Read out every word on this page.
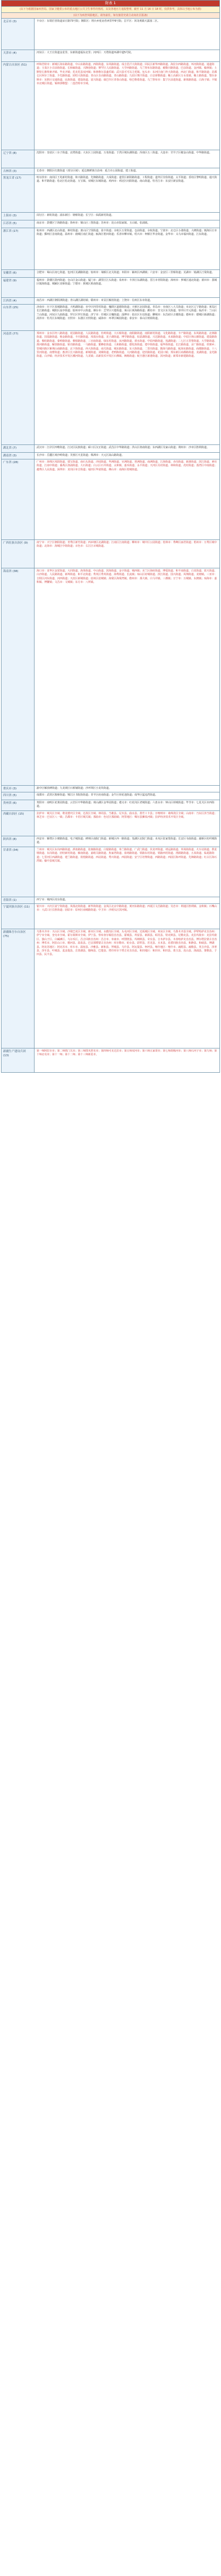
附表 1	
(以下为根据国家疾控局、国家卫健委公布的重点地区公共卫生事件的情况、以及各地官方通报整理，截至 11 月 16 日 18 时，仅供参考，具体以当地公布为准)	
(以下为疾控风险地区，请勿前往，如有旅居史请主动向社区报备)	

北京市 (3)	丰台区：东铁匠营街道宋庄路73号院；朝阳区：将台乡驼房营西里甲6号院；昌平区：回龙观镇天露园二区。

天津市 (4)	河东区：大王庄街道金星里、东新街道福东北里；河西区：天塔街道环湖中道5号院。

内蒙古自治区 (51)	呼和浩特市：新城区海东路街道、中山东路街道、西街街道、东风路街道、成吉思汗大街街道；回民区新华西路街道、海拉尔西路街道、环河街街道、通道街道；玉泉区小召前街街道、长和廊街道、兴隆巷街道；赛罕区人民路街道、大学西路街道、乌兰察布东路街道、敕勒川路街道、巴彦街道、金河镇、榆林镇；土默特左旗察素齐镇、毕克齐镇；托克托县双河镇；和林格尔县盛乐镇；武川县可可以力更镇。包头市：东河区南门外大街街道、西北门街道、和平路街道；昆都仑区阿尔丁街道、少先路街道、团结大街街道；青山区自由路街道、青山路街道；九原区赛汗街道、白音席勒街道；稀土高新区万水泉镇、稀土路街道。鄂尔多斯市：东胜区交通街道、民族街道、建设街道、富兴街道；康巴什区青春山街道、哈巴格希街道。乌兰察布市：集宁区前进街道、新体路街道、白海子镇；丰镇市北城区街道。锡林郭勒盟：二连浩特市全域。

辽宁省 (8)	沈阳市：皇姑区三台子街道、北塔街道；大东区上园街道、万泉街道；于洪区城东湖街道；浑南区五三街道。大连市：甘井子区椒金山街道、中华路街道。

吉林省 (3)	长春市：朝阳区红旗街道（部分区域）；延边朝鲜族自治州：延吉市公园街道、建工街道。

黑龙江省 (17)	哈尔滨市：南岗区王兆新村街道、和兴路街道、先锋路街道、大成街道；道里区新阳路街道、工程街道；道外区崇俭街道、太平街道；香坊区黎明街道、通天街道、和平路街道；松北区松北街道、万宝镇、双城区东城街道。鸡西市：鸡冠区向阳街道、南山街道。牡丹江市：东安区新安街道。

上海市 (3)	闵行区：新虹街道；浦东新区：塘桥街道；长宁区：仙霞新村街道。

江苏省 (5)	南京市：鼓楼区宁海路街道；徐州市：铜山区三堡街道；苏州市：昆山市陆家镇、玉山镇、张浦镇。

浙江省 (17)	杭州市：西湖区北山街道、蒋村街道；萧山区宁围街道、盈丰街道；余杭区五常街道、仓前街道、余杭街道。宁波市：北仑区小港街道、大碶街道；镇海区庄市街道；鄞州区首南街道。温州市：鹿城区南汇街道；瓯海区梧田街道；乐清市柳市镇。绍兴市：柯桥区华舍街道。金华市：义乌市福田街道、江东街道。

安徽省 (6)	合肥市：蜀山区南七街道、包河区芜湖路街道；宿州市：埇桥区北关街道；阜阳市：颍州区西湖镇；六安市：金安区三里桥街道；芜湖市：镜湖区汀棠街道。

福建省 (9)	福州市：鼓楼区鼓西街道；仓山区金山街道；厦门市：湖里区江头街道；泉州市：丰泽区东湖街道、晋江市青阳街道；漳州市：芗城区通北街道；莆田市：荔城区镇海街道、城厢区龙桥街道；宁德市：蕉城区蕉南街道。

江西省 (4)	南昌市：西湖区朝阳洲街道；青山湖区湖坊镇；赣州市：章贡区解放街道；上饶市：信州区东市街道。

山东省 (25)	济南市：历下区泉城路街道、大明湖街道；市中区四里村街道；槐荫区道德街街道；天桥区北园街道。青岛市：市南区八大关街道；市北区辽宁路街道；黄岛区长江路街道；城阳区流亭街道；胶州市中云街道。烟台市：芝罘区只楚街道、莱山区黄海路街道；潍坊市：奎文区东关街道、寒亭区开元街道；临沂市：兰山区兰山街道、河东区九曲街道、罗庄区罗庄街道；济宁市：任城区古槐街道；淄博市：张店区车站街道；聊城市：东昌府区古楼街道；德州市：德城区新湖街道；菏泽市：牡丹区东城街道；日照市：东港区日照街道；威海市：环翠区鲸园街道；泰安市：泰山区财源街道。

河南省 (77)	郑州市：金水区经八路街道、花园路街道、人民路街道、杜岭街道、大石桥街道、南阳路街道、南阳新村街道、文化路街道、丰产路街道、东风路街道、北林路街道、国基路街道、杨金路街道、丰庆路街道、凤凰台街道、龙子湖街道、博学路街道、如意湖街道、兴达路街道、未来路街道；中原区林山寨街道、建设路街道、棉纺路街道、秦岭路街道、桐柏路街道、三官庙街道、绿东村街道、汝河路街道、须水街道、中原西路街道、莲湖街道；二七区五里堡街道、大学路街道、淮河路街道、解放路街道、铭功路街道、一马路街道、蜜蜂张街道、人和路街道、德化街街道、建中街街道、福华街街道、长江路街道、京广路街道、侯寨乡；管城回族区紫荆山南路街道、北下街街道、西大街街道、南关街道、城东路街道、东大街街道、二里岗街道、陇海马路街道、航海东路街道、商都路街道、十八里河街道、南曹街道；惠济区长兴路街道、新城街道、刘寨街道、老鸦陈街道、大河路街道、迎宾路街道、花园口镇；郑东新区商都路街道、龙湖街道、金光路街道、白沙镇；经济技术开发区潮河街道、九龙镇；高新技术开发区石佛镇、枫杨街道；航空港区新港街道、滨河街道；新郑市新建路街道。

湖北省 (7)	武汉市：江岸区四唯街道、江汉区民族街道；硚口区汉正街道；武昌区中华路街道；洪山区珞南街道；东西湖区吴家山街道；荆州市：沙市区胜利街道。

湖南省 (3)	长沙市：岳麓区观沙岭街道；芙蓉区火星街道；株洲市：天元区嵩山路街道。

广东省 (28)	广州市：海珠区凤阳街道、瑞宝街道、南石头街道、沙园街道、华洲街道、官洲街道、琶洲街道、南洲街道、江海街道、赤岗街道、新港街道、滨江街道、素社街道、江南中街道；番禺区洛浦街道、大石街道；白云区石井街道、太和镇、嘉禾街道、永平街道；天河区员村街道、林和街道、冼村街道；荔湾区中南街道；越秀区人民街道。深圳市：龙岗区布吉街道；福田区华富街道。佛山市：南海区桂城街道。

广西壮族自治区 (9)	南宁市：兴宁区朝阳街道；青秀区新竹街道；西乡塘区北湖街道；江南区江南街道；柳州市：城中区公园街道；桂林市：秀峰区丽君街道；梧州市：万秀区城中街道；北海市：海城区中街街道；百色市：右江区百城街道。

海南省 (38)	海口市：龙华区金贸街道、大同街道、海垦街道、中山街道、滨海街道、金宇街道、城西镇；美兰区海府街道、博爱街道、和平南街道、白龙街道、蓝天街道、白沙街道、人民路街道、新埠街道、和平北街道；秀英区秀英街道、海秀街道、长流镇；琼山区府城街道、滨江街道、国兴街道、凤翔街道、龙塘镇。三亚市：吉阳区河东街道、河西街道；天涯区新城街道；崖州区崖城镇；海棠区海棠湾镇。儋州市：那大镇、白马井镇、三都镇；万宁市：万城镇、东澳镇；琼海市：嘉积镇、博鳌镇；文昌市：文城镇；东方市：八所镇。

重庆市 (3)	渝中区解放碑街道；九龙坡区石桥铺街道；沙坪坝区小龙坎街道。

四川省 (5)	成都市：武侯区簇桥街道；锦江区书院街街道；青羊区府南街道；金牛区荷花池街道；成华区猛追湾街道。

贵州省 (6)	贵阳市：南明区花果园街道、云岩区中华路街道；观山湖区金华园街道；遵义市：红花岗区老城街道；六盘水市：钟山区荷城街道；毕节市：七星关区市西街道。

西藏自治区 (15)	拉萨市：城关区全域、堆龙德庆区全域、达孜区全域、林周县、当雄县、尼木县、曲水县、墨竹工卡县；日喀则市：桑珠孜区全域；山南市：乃东区泽当街道；林芝市：巴宜区八一镇；昌都市：卡若区城关镇；那曲市：色尼区那曲镇；阿里地区：噶尔县狮泉河镇；拉萨经济技术开发区全域。

陕西省 (8)	西安市：雁塔区小寨路街道、电子城街道；碑林区南院门街道；新城区西一路街道；莲湖区北院门街道；未央区张家堡街道；长安区韦曲街道；灞桥区纺织城街道。

甘肃省 (34)	兰州市：城关区东岗西路街道、酒泉路街道、张掖路街道、白银路街道、皋兰路街道、广武门街道、伏龙坪街道、靖远路街道、草场街街道、火车站街道、拱星墩街道、东岗街道、团结新村街道、雁南街道、嘉峪关路街道、焦家湾街道、盐场路街道、铁路东村街道、铁路西村街道、渭源路街道、五泉街道、临夏路街道；七里河区西湖街道、建兰路街道、敦煌路街道、西站街道、秀川街道、西园街道；安宁区培黎街道、西路街道；西固区陈坪街道、先锋路街道；红古区海石湾镇；榆中县城关镇。

青海省 (1)	西宁市：城西区虎台街道。

宁夏回族自治区 (11)	银川市：兴庆区富宁街街道、凤凰北街街道、新华街街道；金凤区北京中路街道、黄河东路街道；西夏区文昌路街道；吴忠市：利通区胜利镇、金积镇；石嘴山市：大武口区长胜街道；固原市：原州区南城路街道；中卫市：沙坡头区滨河镇。

新疆维吾尔自治区 (75)	乌鲁木齐市：天山区全域、沙依巴克区全域、新市区全域、水磨沟区全域、头屯河区全域、达坂城区全域、米东区全域、乌鲁木齐县全域。伊犁哈萨克自治州：伊宁市全域、奎屯市全域、霍尔果斯市全域、伊宁县、察布查尔锡伯自治县、霍城县、巩留县、新源县、昭苏县、特克斯县、尼勒克县。克拉玛依市：克拉玛依区、独山子区、白碱滩区、乌尔禾区。昌吉回族自治州：昌吉市、阜康市、呼图壁县、玛纳斯县、奇台县、吉木萨尔县、木垒哈萨克自治县。博尔塔拉蒙古自治州：博乐市、阿拉山口市、精河县、温泉县。巴音郭楞蒙古自治州：库尔勒市、轮台县、尉犁县、若羌县、且末县、焉耆回族自治县、和静县、和硕县、博湖县。阿克苏地区：阿克苏市、库车市、温宿县、沙雅县、新和县、拜城县、乌什县、阿瓦提县、柯坪县。喀什地区：喀什市、疏附县、疏勒县、英吉沙县、泽普县、莎车县、叶城县、麦盖提县、岳普湖县、伽师县、巴楚县、塔什库尔干塔吉克自治县。和田地区：和田市、和田县、墨玉县、皮山县、洛浦县、策勒县、于田县、民丰县。

新疆生产建设兵团 (13)	第一师阿拉尔市；第二师铁门关市；第三师图木舒克市；第四师可克达拉市；第五师双河市；第六师五家渠市；第七师胡杨河市；第八师石河子市；第九师；第十师北屯市；第十一师；第十二师；第十三师新星市。
